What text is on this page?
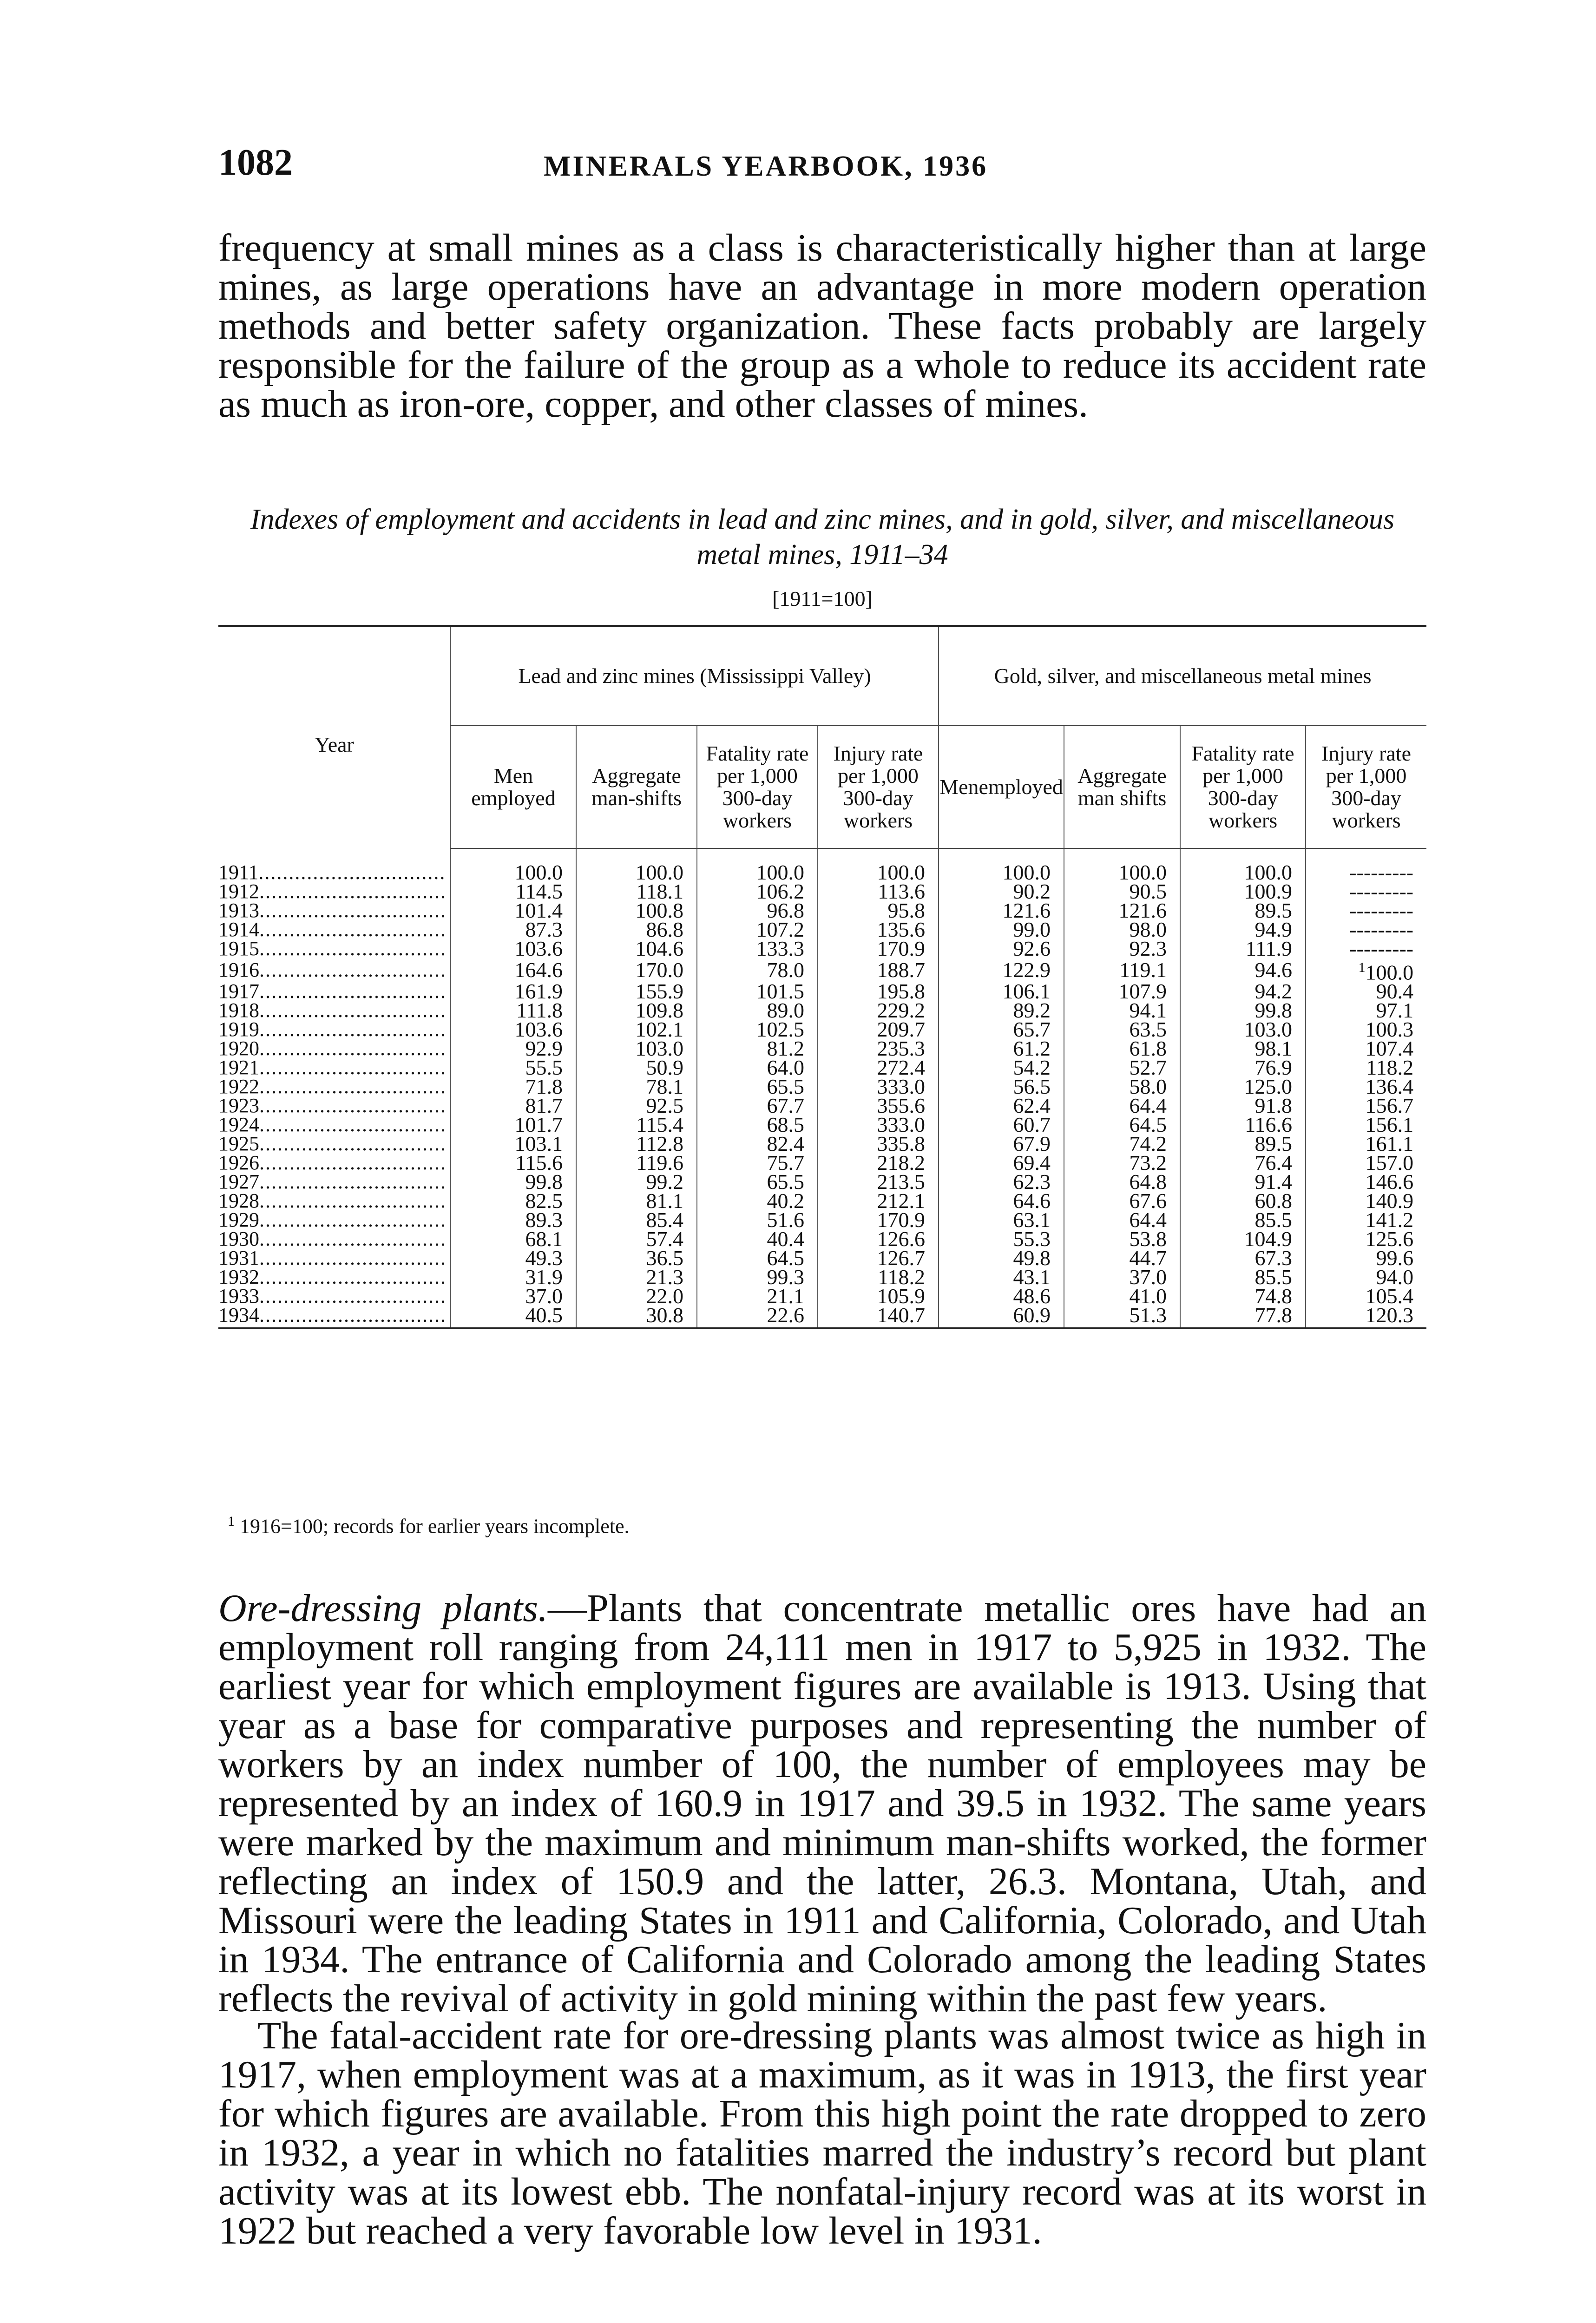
1082	MINERALS YEARBOOK, 1936

frequency at small mines as a class is characteristically higher than at large mines, as large operations have an advantage in more modern operation methods and better safety organization. These facts probably are largely responsible for the failure of the group as a whole to reduce its accident rate as much as iron-ore, copper, and other classes of mines.

Indexes of employment and accidents in lead and zinc mines, and in gold, silver, and miscellaneous metal mines, 1911–34
[1911=100]
Year	Lead and zinc mines (Mississippi Valley)				Gold, silver, and miscellaneous metal mines			
	Men employed	Aggregate man-shifts	Fatality rate per 1,000 300-day workers	Injury rate per 1,000 300-day workers	Menemployed	Aggregate man shifts	Fatality rate per 1,000 300-day workers	Injury rate per 1,000 300-day workers
1911...............................	100.0	100.0	100.0	100.0	100.0	100.0	100.0	---------
1912...............................	114.5	118.1	106.2	113.6	90.2	90.5	100.9	---------
1913...............................	101.4	100.8	96.8	95.8	121.6	121.6	89.5	---------
1914...............................	87.3	86.8	107.2	135.6	99.0	98.0	94.9	---------
1915...............................	103.6	104.6	133.3	170.9	92.6	92.3	111.9	---------
1916...............................	164.6	170.0	78.0	188.7	122.9	119.1	94.6	$^1$100.0
1917...............................	161.9	155.9	101.5	195.8	106.1	107.9	94.2	90.4
1918...............................	111.8	109.8	89.0	229.2	89.2	94.1	99.8	97.1
1919...............................	103.6	102.1	102.5	209.7	65.7	63.5	103.0	100.3
1920...............................	92.9	103.0	81.2	235.3	61.2	61.8	98.1	107.4
1921...............................	55.5	50.9	64.0	272.4	54.2	52.7	76.9	118.2
1922...............................	71.8	78.1	65.5	333.0	56.5	58.0	125.0	136.4
1923...............................	81.7	92.5	67.7	355.6	62.4	64.4	91.8	156.7
1924...............................	101.7	115.4	68.5	333.0	60.7	64.5	116.6	156.1
1925...............................	103.1	112.8	82.4	335.8	67.9	74.2	89.5	161.1
1926...............................	115.6	119.6	75.7	218.2	69.4	73.2	76.4	157.0
1927...............................	99.8	99.2	65.5	213.5	62.3	64.8	91.4	146.6
1928...............................	82.5	81.1	40.2	212.1	64.6	67.6	60.8	140.9
1929...............................	89.3	85.4	51.6	170.9	63.1	64.4	85.5	141.2
1930...............................	68.1	57.4	40.4	126.6	55.3	53.8	104.9	125.6
1931...............................	49.3	36.5	64.5	126.7	49.8	44.7	67.3	99.6
1932...............................	31.9	21.3	99.3	118.2	43.1	37.0	85.5	94.0
1933...............................	37.0	22.0	21.1	105.9	48.6	41.0	74.8	105.4
1934...............................	40.5	30.8	22.6	140.7	60.9	51.3	77.8	120.3
$^1$ 1916=100; records for earlier years incomplete.

Ore-dressing plants.—Plants that concentrate metallic ores have had an employment roll ranging from 24,111 men in 1917 to 5,925 in 1932. The earliest year for which employment figures are available is 1913. Using that year as a base for comparative purposes and representing the number of workers by an index number of 100, the number of employees may be represented by an index of 160.9 in 1917 and 39.5 in 1932. The same years were marked by the maximum and minimum man-shifts worked, the former reflecting an index of 150.9 and the latter, 26.3. Montana, Utah, and Missouri were the leading States in 1911 and California, Colorado, and Utah in 1934. The entrance of California and Colorado among the leading States reflects the revival of activity in gold mining within the past few years.

The fatal-accident rate for ore-dressing plants was almost twice as high in 1917, when employment was at a maximum, as it was in 1913, the first year for which figures are available. From this high point the rate dropped to zero in 1932, a year in which no fatalities marred the industry’s record but plant activity was at its lowest ebb. The nonfatal-injury record was at its worst in 1922 but reached a very favorable low level in 1931.
